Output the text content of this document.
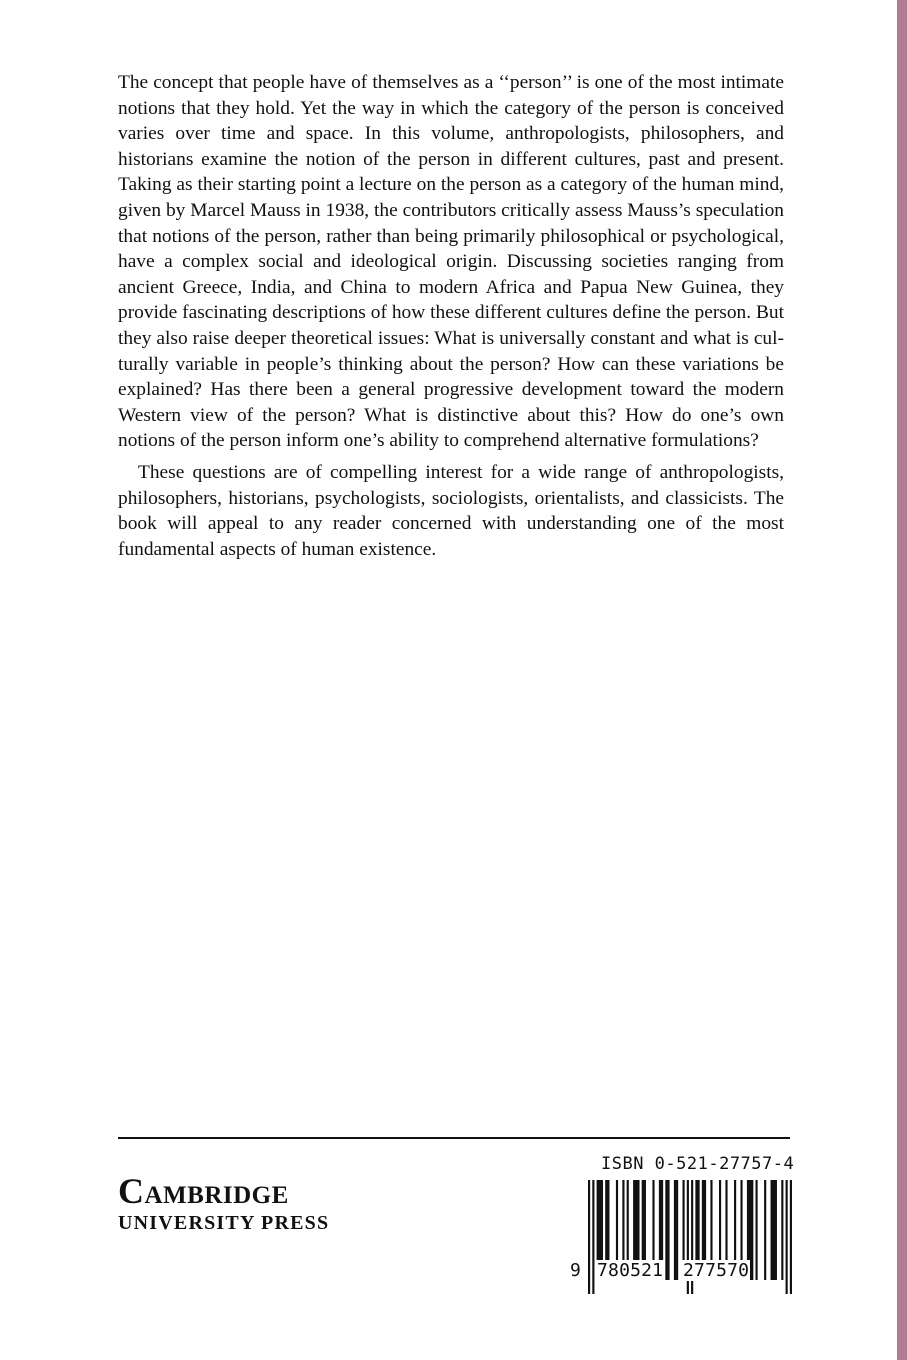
The concept that people have of themselves as a ‘‘person’’ is one of the most intimate notions that they hold. Yet the way in which the category of the person is conceived varies over time and space. In this volume, anthropologists, philosophers, and historians examine the notion of the person in different cultures, past and present. Taking as their starting point a lecture on the person as a category of the human mind, given by Marcel Mauss in 1938, the contributors critically assess Mauss’s speculation that notions of the person, rather than being primarily philosophical or psychological, have a complex social and ideological origin. Discussing societies ranging from ancient Greece, India, and China to modern Africa and Papua New Guinea, they provide fascinating descriptions of how these different cultures define the person. But they also raise deeper theoretical issues: What is universally constant and what is culturally variable in people’s thinking about the person? How can these variations be explained? Has there been a general progressive development toward the modern Western view of the person? What is distinctive about this? How do one’s own notions of the person inform one’s ability to comprehend alternative formulations?

These questions are of compelling interest for a wide range of anthropologists, philosophers, historians, psychologists, sociologists, orientalists, and classicists. The book will appeal to any reader concerned with understanding one of the most fundamental aspects of human existence.

Cambridge
UNIVERSITY PRESS
ISBN 0-521-27757-4
9 780521 277570
